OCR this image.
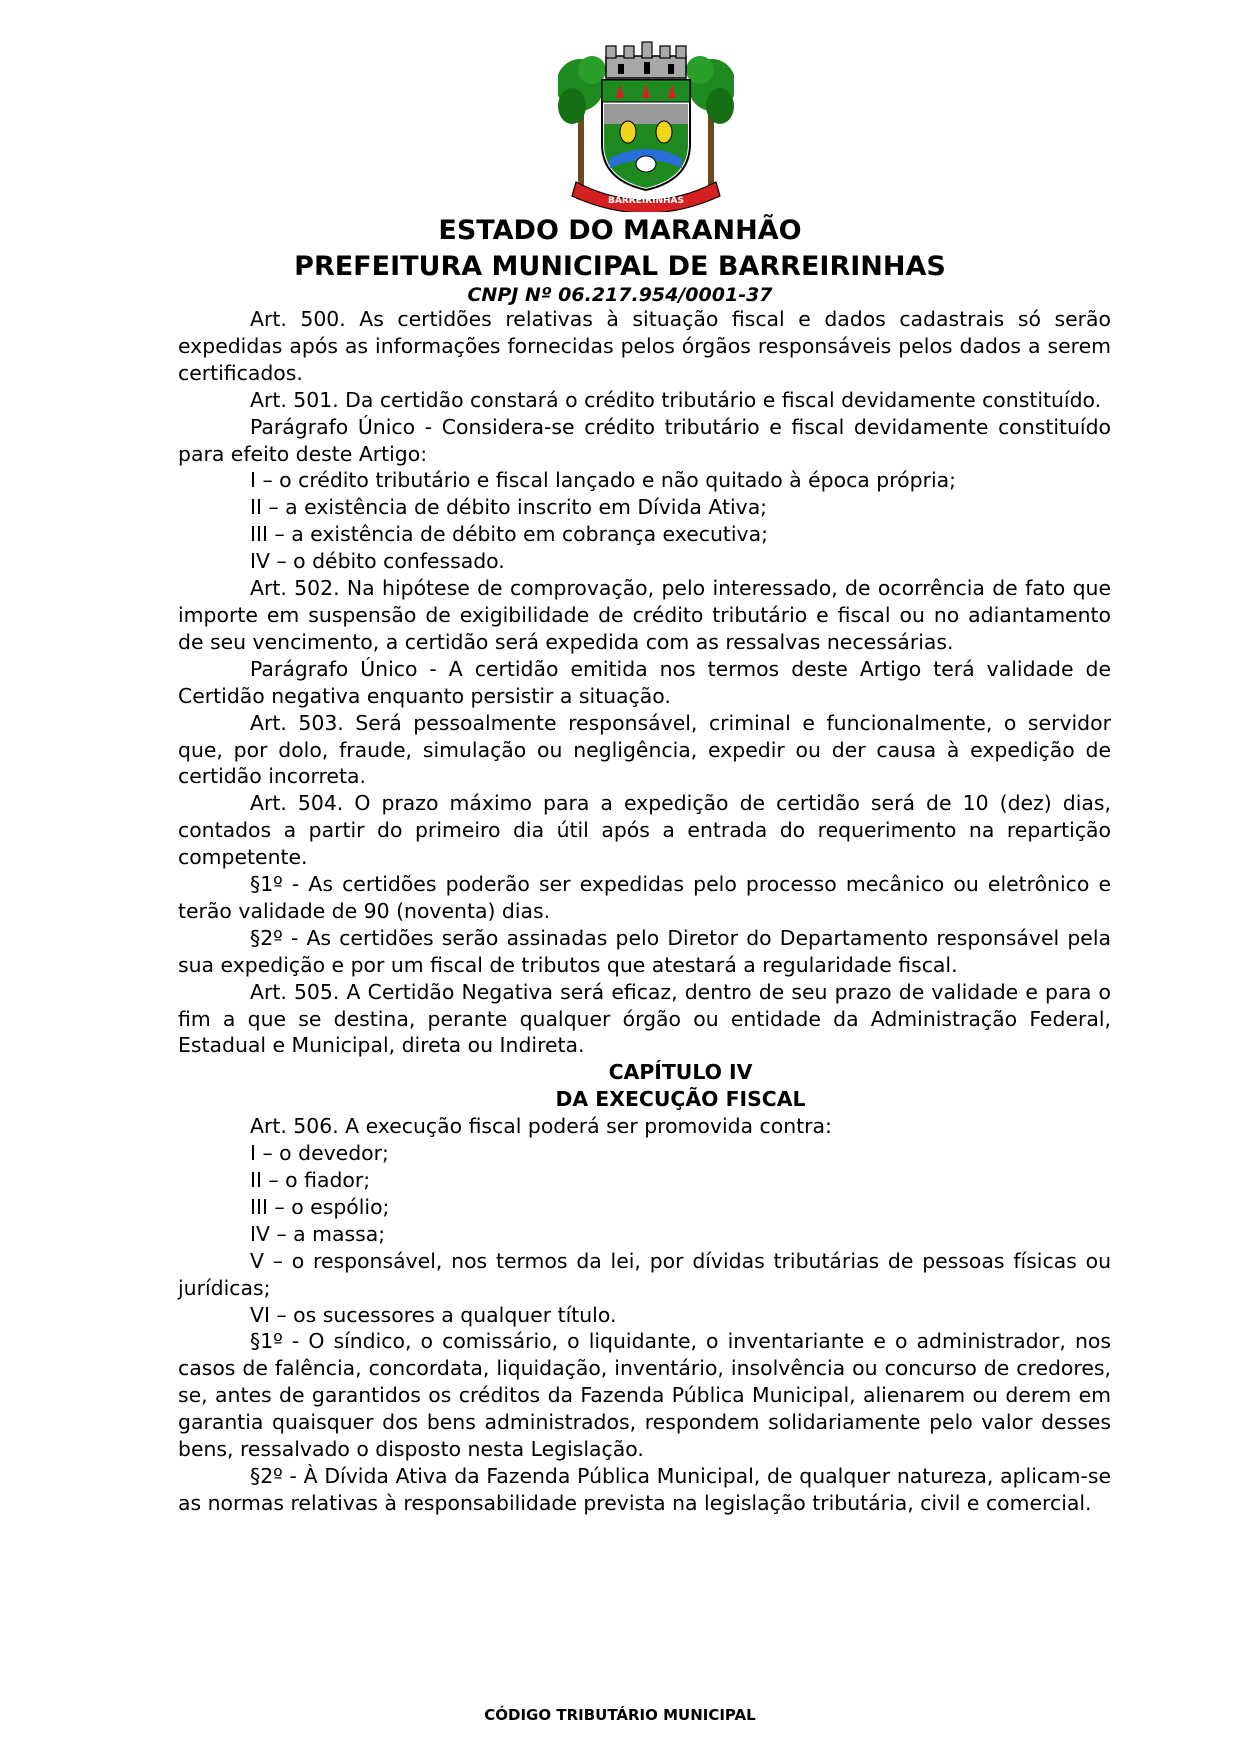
BARREIRINHAS
ESTADO DO MARANHÃO
PREFEITURA MUNICIPAL DE BARREIRINHAS
CNPJ Nº 06.217.954/0001-37

Art. 500. As certidões relativas à situação fiscal e dados cadastrais só serão expedidas após as informações fornecidas pelos órgãos responsáveis pelos dados a serem certificados.

Art. 501. Da certidão constará o crédito tributário e fiscal devidamente constituído.

Parágrafo Único - Considera-se crédito tributário e fiscal devidamente constituído para efeito deste Artigo:

I – o crédito tributário e fiscal lançado e não quitado à época própria;

II – a existência de débito inscrito em Dívida Ativa;

III – a existência de débito em cobrança executiva;

IV – o débito confessado.

Art. 502. Na hipótese de comprovação, pelo interessado, de ocorrência de fato que importe em suspensão de exigibilidade de crédito tributário e fiscal ou no adiantamento de seu vencimento, a certidão será expedida com as ressalvas necessárias.

Parágrafo Único - A certidão emitida nos termos deste Artigo terá validade de Certidão negativa enquanto persistir a situação.

Art. 503. Será pessoalmente responsável, criminal e funcionalmente, o servidor que, por dolo, fraude, simulação ou negligência, expedir ou der causa à expedição de certidão incorreta.

Art. 504. O prazo máximo para a expedição de certidão será de 10 (dez) dias, contados a partir do primeiro dia útil após a entrada do requerimento na repartição competente.

§1º - As certidões poderão ser expedidas pelo processo mecânico ou eletrônico e terão validade de 90 (noventa) dias.

§2º - As certidões serão assinadas pelo Diretor do Departamento responsável pela sua expedição e por um fiscal de tributos que atestará a regularidade fiscal.

Art. 505. A Certidão Negativa será eficaz, dentro de seu prazo de validade e para o fim a que se destina, perante qualquer órgão ou entidade da Administração Federal, Estadual e Municipal, direta ou Indireta.

CAPÍTULO IV

DA EXECUÇÃO FISCAL

Art. 506. A execução fiscal poderá ser promovida contra:

I – o devedor;

II – o fiador;

III – o espólio;

IV – a massa;

V – o responsável, nos termos da lei, por dívidas tributárias de pessoas físicas ou jurídicas;

VI – os sucessores a qualquer título.

§1º - O síndico, o comissário, o liquidante, o inventariante e o administrador, nos casos de falência, concordata, liquidação, inventário, insolvência ou concurso de credores, se, antes de garantidos os créditos da Fazenda Pública Municipal, alienarem ou derem em garantia quaisquer dos bens administrados, respondem solidariamente pelo valor desses bens, ressalvado o disposto nesta Legislação.

§2º - À Dívida Ativa da Fazenda Pública Municipal, de qualquer natureza, aplicam-se as normas relativas à responsabilidade prevista na legislação tributária, civil e comercial.

CÓDIGO TRIBUTÁRIO MUNICIPAL
